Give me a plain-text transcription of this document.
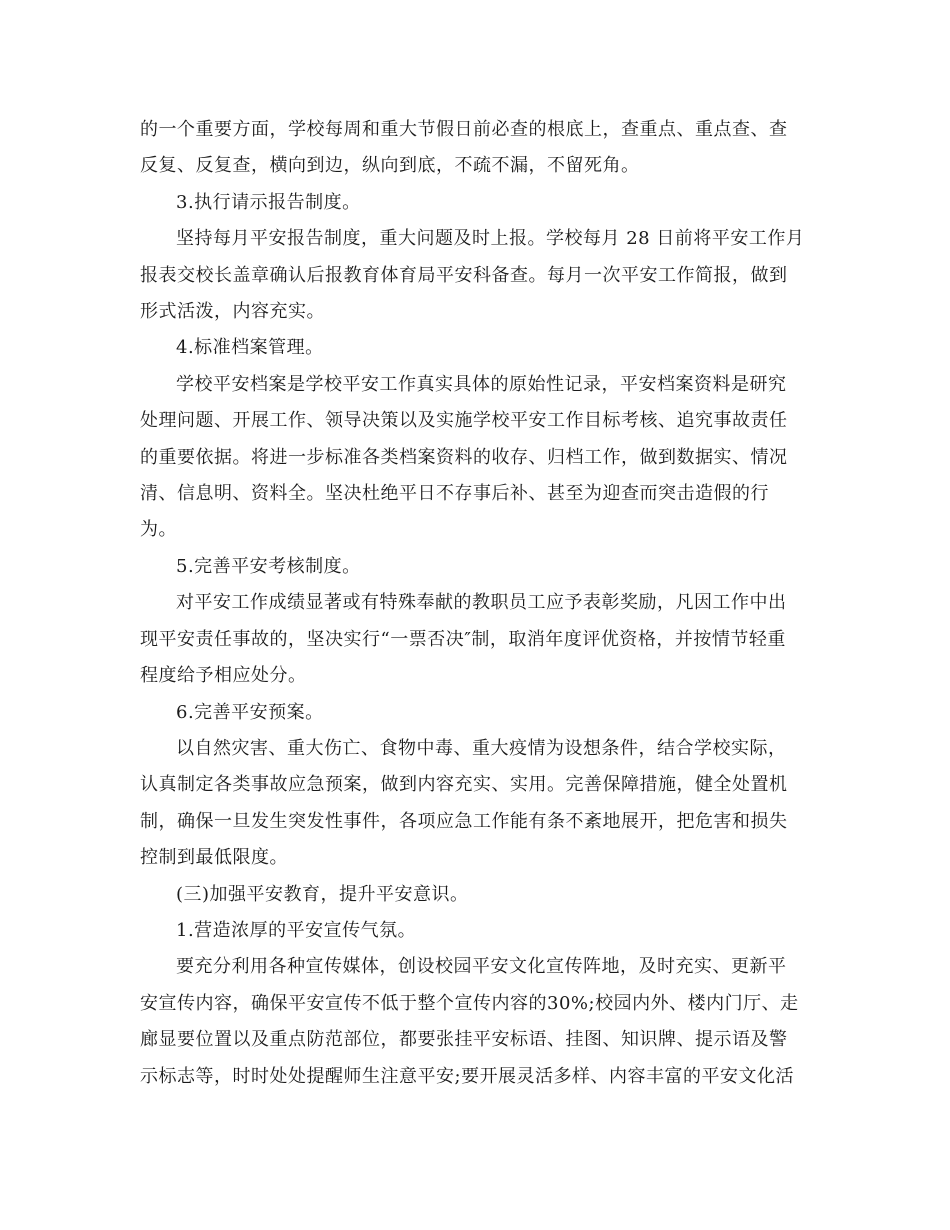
的一个重要方面，学校每周和重大节假日前必查的根底上，查重点、重点查、查
反复、反复查，横向到边，纵向到底，不疏不漏，不留死角。

3.执行请示报告制度。

坚持每月平安报告制度，重大问题及时上报。学校每月 28 日前将平安工作月
报表交校长盖章确认后报教育体育局平安科备查。每月一次平安工作简报，做到
形式活泼，内容充实。

4.标准档案管理。

学校平安档案是学校平安工作真实具体的原始性记录，平安档案资料是研究
处理问题、开展工作、领导决策以及实施学校平安工作目标考核、追究事故责任
的重要依据。将进一步标准各类档案资料的收存、归档工作，做到数据实、情况
清、信息明、资料全。坚决杜绝平日不存事后补、甚至为迎查而突击造假的行
为。

5.完善平安考核制度。

对平安工作成绩显著或有特殊奉献的教职员工应予表彰奖励，凡因工作中出
现平安责任事故的，坚决实行“一票否决″制，取消年度评优资格，并按情节轻重
程度给予相应处分。

6.完善平安预案。

以自然灾害、重大伤亡、食物中毒、重大疫情为设想条件，结合学校实际，
认真制定各类事故应急预案，做到内容充实、实用。完善保障措施，健全处置机
制，确保一旦发生突发性事件，各项应急工作能有条不紊地展开，把危害和损失
控制到最低限度。

(三)加强平安教育，提升平安意识。

1.营造浓厚的平安宣传气氛。

要充分利用各种宣传媒体，创设校园平安文化宣传阵地，及时充实、更新平
安宣传内容，确保平安宣传不低于整个宣传内容的30%;校园内外、楼内门厅、走
廊显要位置以及重点防范部位，都要张挂平安标语、挂图、知识牌、提示语及警
示标志等，时时处处提醒师生注意平安;要开展灵活多样、内容丰富的平安文化活
